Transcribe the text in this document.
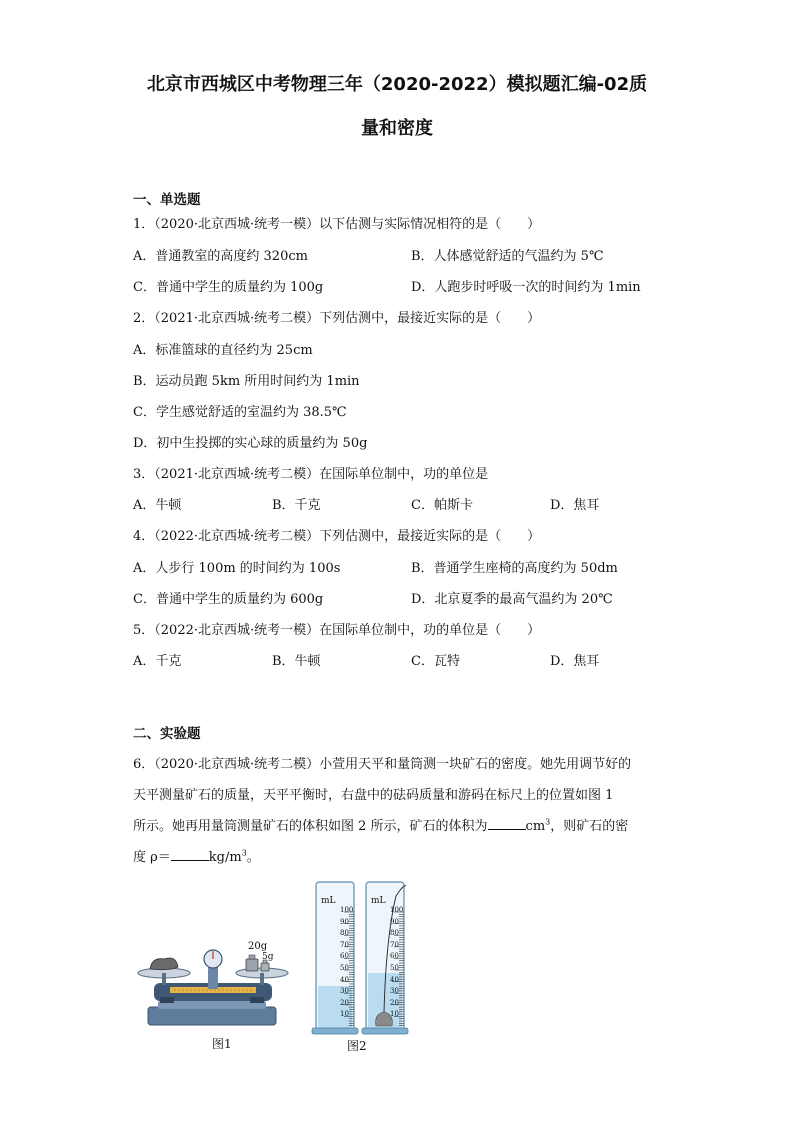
北京市西城区中考物理三年（2020-2022）模拟题汇编-02质
量和密度
一、单选题
1．（2020·北京西城·统考一模）以下估测与实际情况相符的是（　　）
A．普通教室的高度约 320cm	B．人体感觉舒适的气温约为 5℃
C．普通中学生的质量约为 100g	D．人跑步时呼吸一次的时间约为 1min
2．（2021·北京西城·统考二模）下列估测中，最接近实际的是（　　）
A．标准篮球的直径约为 25cm
B．运动员跑 5km 所用时间约为 1min
C．学生感觉舒适的室温约为 38.5℃
D．初中生投掷的实心球的质量约为 50g
3．（2021·北京西城·统考二模）在国际单位制中，功的单位是
A．牛顿	B．千克	C．帕斯卡	D．焦耳
4．（2022·北京西城·统考二模）下列估测中，最接近实际的是（　　）
A．人步行 100m 的时间约为 100s	B．普通学生座椅的高度约为 50dm
C．普通中学生的质量约为 600g	D．北京夏季的最高气温约为 20℃
5．（2022·北京西城·统考一模）在国际单位制中，功的单位是（　　）
A．千克	B．牛顿	C．瓦特	D．焦耳
二、实验题
6．（2020·北京西城·统考二模）小萱用天平和量筒测一块矿石的密度。她先用调节好的
天平测量矿石的质量，天平平衡时，右盘中的砝码质量和游码在标尺上的位置如图 1
所示。她再用量筒测量矿石的体积如图 2 所示，矿石的体积为	$cm^3$，则矿石的密
度 ρ＝	$kg/m^3$。
20g
5g
图1
100
90
80
70
60
50
40
30
20
10
100
90
80
70
60
50
40
30
20
10
mL	mL
图2
